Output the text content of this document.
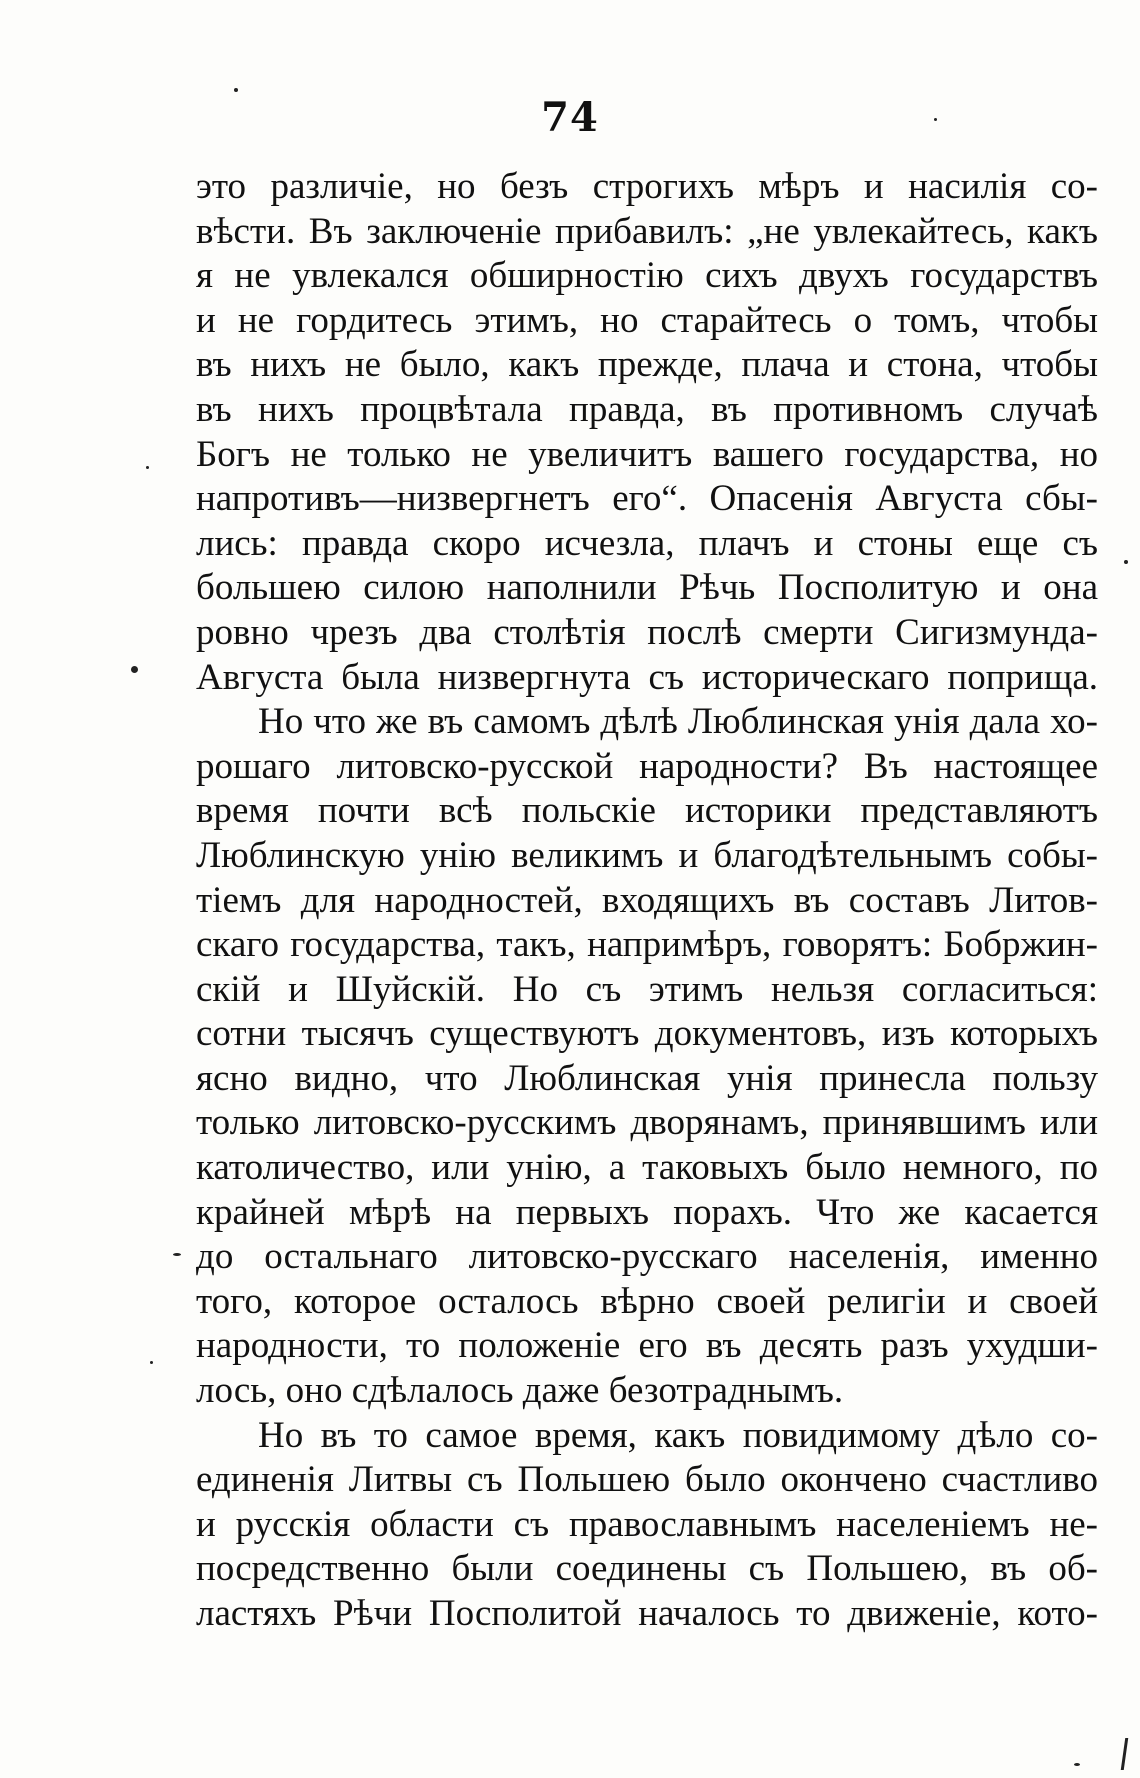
74
это различіе, но безъ строгихъ мѣръ и насилія со-
вѣсти. Въ заключеніе прибавилъ: „не увлекайтесь, какъ
я не увлекался обширностію сихъ двухъ государствъ
и не гордитесь этимъ, но старайтесь о томъ, чтобы
въ нихъ не было, какъ прежде, плача и стона, чтобы
въ нихъ процвѣтала правда, въ противномъ случаѣ
Богъ не только не увеличитъ вашего государства, но
напротивъ—низвергнетъ его“. Опасенія Августа сбы-
лись: правда скоро исчезла, плачъ и стоны еще съ
большею силою наполнили Рѣчь Посполитую и она
ровно чрезъ два столѣтія послѣ смерти Сигизмунда-
Августа была низвергнута съ историческаго поприща.
Но что же въ самомъ дѣлѣ Люблинская унія дала хо-
рошаго литовско-русской народности? Въ настоящее
время почти всѣ польскіе историки представляютъ
Люблинскую унію великимъ и благодѣтельнымъ собы-
тіемъ для народностей, входящихъ въ составъ Литов-
скаго государства, такъ, напримѣръ, говорятъ: Бобржин-
скій и Шуйскій. Но съ этимъ нельзя согласиться:
сотни тысячъ существуютъ документовъ, изъ которыхъ
ясно видно, что Люблинская унія принесла пользу
только литовско-русскимъ дворянамъ, принявшимъ или
католичество, или унію, а таковыхъ было немного, по
крайней мѣрѣ на первыхъ порахъ. Что же касается
до остальнаго литовско-русскаго населенія, именно
того, которое осталось вѣрно своей религіи и своей
народности, то положеніе его въ десять разъ ухудши-
лось, оно сдѣлалось даже безотраднымъ.
Но въ то самое время, какъ повидимому дѣло со-
единенія Литвы съ Польшею было окончено счастливо
и русскія области съ православнымъ населеніемъ не-
посредственно были соединены съ Польшею, въ об-
ластяхъ Рѣчи Посполитой началось то движеніе, кото-
